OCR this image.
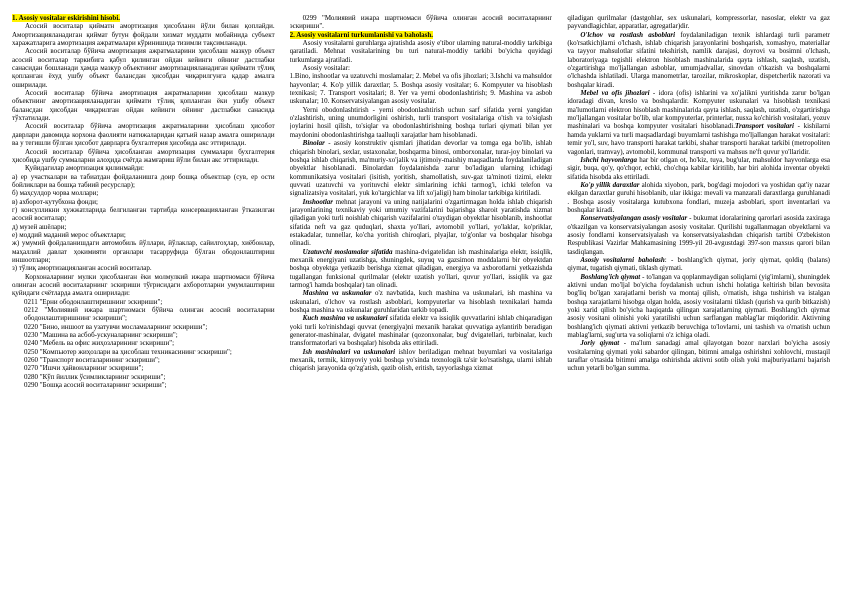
1. Asosiy vositalar eskirishini hisobi.

Асосий воситалар қийматн амортизация ҳисобланн йўли билан қоплайди. Амортизацияланадиган қиймат бутун фойдали хизмат муддати мобайнида субъект харажатларига амортизация ажратмалари кўринишида тизимли тақсимланади.

Асосий воситалар бўйича амортизация ажратмаларини ҳисоблаш мазкур объект асосий воситалар таркибига қабул қилинган ойдан кейинги ойнинг дастлабки санасидан бошланади ҳамда мазкур объектнинг амортизацияланадиган қиймати тўлиқ қопланган ёхуд ушбу объект балансдан ҳисобдан чиқарилгунга қадар амалга оширилади.

Асосий воситалар бўйича амортизация ажратмаларини ҳисоблаш мазкур объектнинг амортизацияланадиган қиймати тўлиқ қопланган ёки ушбу объект балансдан ҳисобдан чиқарилган ойдан кейинги ойнинг дастлабки санасида тўхтатилади.

Асосий воситалар бўйича амортизация ажратмаларини ҳисоблаш ҳисобот даврлари давомида корхона фаолияти натижаларидан қатъий назар амалга оширилади ва у тегишли бўлган ҳисобот даврларга бухгалтерия ҳисобида акс эттирилади.

Асосий воситалар бўйича ҳисобланган амортизация суммалари бухгалтерия ҳисобида ушбу суммаларни алоҳида счётда жамғариш йўли билан акс эттирилади.

Қуйидагилар амортизация қилинмайди:

а) ер участкалари ва табиатдан фойдаланишга доир бошқа объектлар (сув, ер ости бойликлари ва бошқа табиий ресурслар);

б) маҳсулдор чорва моллари;

в) ахборот-кутубхона фонди;

г) консулликни хужжатларида белгиланган тартибда консервацияланган ўтказилган асосий воситалар;

д) музей ашёлари;

е) мoддий маданий мерос объектлари;

ж) умумий фойдаланишдаги автомобиль йўллари, йўлаклар, сайилгоҳлар, хиёбонлар, маҳаллий давлат ҳокимияти органлари тасарруфида бўлган ободонлаштириш иншоотлари;

з) тўлиқ амортизацияланган асосий воситалар.

Корхоналарнинг мулки ҳисобланган ёки молмулкий ижара шартномаси бўйича олинган асосий воситаларнинг эскириши тўғрисидаги ахборотларни умумлаштириш қуйидаги счётларда амалга оширилади:

0211 "Ерни ободонлаштиришнинг эскириши";

0212 "Молиявий ижара шартномаси бўйича олинган асосий воситаларни ободонлаштиришнинг эскириши";

0220 "Бино, иншоот ва узатувчи мосламаларнинг эскириши";

0230 "Машина ва асбоб-ускуналарнинг эскириши";

0240 "Мебель ва офис жиҳозларининг эскириши";

0250 "Компьютер жиҳозлари ва ҳисоблаш техникасининг эскириши";

0260 "Транспорт воситаларининг эскириши";

0270 "Ишчи ҳайвонларнинг эскириши";

0280 "Кўп йиллик ўсимликларнинг эскириши";

0290 "Бошқа асосий воситаларнинг эскириши";

0299 "Молиявий ижара шартномаси бўйича олинган асосий воситаларнинг эскириши".

2. Asosiy vositalarni turkumlanishi va baholash.

Asosiy vositalarni guruhlarga ajratishda asosiy e'tibor ularning natural-moddiy tarkibiga qaratiladi. Mehnat vositalarining bu turi natural-moddiy tarkibi bo'yicha quyidagi turkumlarga ajratiladi.

Asosiy vositalar:

1.Bino, inshootlar va uzatuvchi moslamalar; 2. Mebel va ofis jihozlari; 3.Ishchi va mahsuldor hayvonlar; 4. Ko'p yillik daraxtlar; 5. Boshqa asosiy vositalar; 6. Kompyuter va hisoblash texnikasi; 7. Transport vositalari; 8. Yer va yerni obodonlashtirish; 9. Mashina va asbob uskunalar; 10. Konservatsiyalangan asosiy vositalar.

Yerni obodonlashtirish - yerni obodonlashtirish uchun sarf sifatida yerni yangidan o'zlashtirish, uning unumdorligini oshirish, turli transport vositalariga o'tish va to'siqlash joylarini hosil qilish, to'siqlar va obodonlashtirishning boshqa turlari qiymati bilan yer maydonini obodonlashtirishga taalluqli xarajatlar ham hisoblanadi.

Binolar - asosiy konstruktiv qismlari jihatidan devorlar va tomga ega bo'lib, ishlab chiqarish binolari, sexlar, ustaxonalar, boshqarma binosi, omborxonalar, turar-joy binolari va boshqa ishlab chiqarish, ma'muriy-xo'jalik va ijtimoiy-maishiy maqsadlarda foydalaniladigan obyektlar hisoblanadi. Binolardan foydalanishda zarur bo'ladigan ularning ichidagi kommunikatsiya vositalari (isitish, yoritish, shamollatish, suv-gaz ta'minoti tizimi, elektr quvvati uzatuvchi va yorituvchi elektr simlarining ichki tarmog'i, ichki telefon va signalizatsiya vositalari, yuk ko'targichlar va lift xo'jaligi) ham binolar tarkibiga kiritiladi.

Inshootlar mehnat jarayoni va uning natijalarini o'zgartirmagan holda ishlab chiqarish jarayonlarining texnikaviy yoki umumiy vazifalarini bajarishga sharoit yaratishda xizmat qiladigan yoki turli noishlab chiqarish vazifalarini o'taydigan obyektlar hisoblanib, inshootlar sifatida neft va gaz quduqlari, shaxta yo'llari, avtomobil yo'llari, yo'laklar, ko'priklar, estakadalar, tunnellar, ko'cha yoritish chiroqlari, plyajlar, to'g'onlar va boshqalar hisobga olinadi.

Uzatuvchi moslamalar sifatida mashina-dvigatelidan ish mashinalariga elektr, issiqlik, mexanik energiyani uzatishga, shuningdek, suyuq va gazsimon moddalarni bir obyektdan boshqa obyektga yetkazib berishga xizmat qiladigan, energiya va axborotlarni yetkazishda tugallangan funksional qurilmalar (elektr uzatish yo'llari, quvur yo'llari, issiqlik va gaz tarmog'i hamda boshqalar) tan olinadi.

Mashina va uskunalar o'z navbatida, kuch mashina va uskunalari, ish mashina va uskunalari, o'lchov va rostlash asboblari, kompyuterlar va hisoblash texnikalari hamda boshqa mashina va uskunalar guruhlaridan tarkib topadi.

Kuch mashina va uskunalari sifatida elektr va issiqlik quvvatlarini ishlab chiqaradigan yoki turli ko'rinishdagi quvvat (energiya)ni mexanik harakat quvvatiga aylantirib beradigan generator-mashinalar, dvigatel mashinalar (qozonxonalar, bug' dvigatellari, turbinalar, kuch transformatorlari va boshqalar) hisobda aks ettiriladi.

Ish mashinalari va uskunalari ishlov beriladigan mehnat buyumlari va vositalariga mexanik, termik, kimyoviy yoki boshqa yo'sinda texnologik ta'sir ko'rsatishga, ularni ishlab chiqarish jarayonida qo'zg'atish, qazib olish, eritish, tayyorlashga xizmat

qiladigan qurilmalar (dastgohlar, sex uskunalari, kompressorlar, nasoslar, elektr va gaz payvandlagichlar, apparatlar, agregatlar)dir.

O'lchov va rostlash asboblari foydalaniladigan texnik ishlardagi turli parametr (ko'rsatkich)larni o'lchash, ishlab chiqarish jarayonlarini boshqarish, xomashyo, materiallar va tayyor mahsulotlar sifatini tekshirish, namlik darajasi, doyrovi va bosimni o'lchash, laboratoriyaga tegishli elektron hisoblash mashinalarida qayta ishlash, saqlash, uzatish, o'zgartirishga mo'ljallangan asboblar, umumjadvallar, sinovdan o'tkazish va boshqalarni o'lchashda ishlatiladi. Ularga manometrlar, tarozilar, mikroskoplar, dispetcherlik nazorati va boshqalar kiradi.

Mebel va ofis jihozlari - idora (ofis) ishlarini va xo'jalikni yuritishda zarur bo'lgan idoradagi divan, kreslо va boshqalardir. Kompyuter uskunalari va hisoblash texnikasi ma'lumotlarni elektron hisoblash mashinalarida qayta ishlash, saqlash, uzatish, o'zgartirishga mo'ljallangan vositalar bo'lib, ular kompyuterlar, printerlar, nusxa ko'chirish vositalari, yozuv mashinalari va boshqa kompyuter vositalari hisoblanadi.Transport vositalari - kishilarni hamda yuklarni va turli maqsadlardagi buyumlarni tashishga mo'ljallangan harakat vositalari: temir yo'l, suv, havo transporti harakat tarkibi, shahar transporti harakat tarkibi (metropoliten vagonlari, tramvay), avtomobil, kommunal transporti va mahsus ne'ft quvur yo'llaridir.

Ishchi hayvonlarga har bir otlgan ot, ho'kiz, tuya, bug'ular, mahsuldor hayvonlarga esa sigir, buqa, qo'y, qo'chqor, echki, cho'chqa kabilar kiritilib, har biri alohida inventar obyekti sifatida hisobda aks ettiriladi.

Ko'p yillik daraxtlar alohida xiyobon, park, bog'dagi mojodori va yoshidan qat'iy nazar ekilgan daraxtlar guruhi hisoblanib, ular ikkiga: mevali va manzarali daraxtlarga guruhlanadi . Boshqa asosiy vositalarga kutubxona fondlari, muzeja asboblari, sport inventarlari va boshqalar kiradi.

Konservatsiyalangan asosiy vositalar - bukumat idoralarining qarorlari asosida zaxiraga o'tkazilgan va konservatsiyalangan asosiy vositalar. Qurilishi tugallanmagan obyektlarni va asosiy fondlarni konservatsiyalash va konservatsiyalashdan chiqarish tartibi O'zbekiston Respublikasi Vazirlar Mahkamasining 1999-yil 20-avgustdagi 397-son maxsus qarori bilan tasdiqlangan.

Asosiy vositalarni baholash: - boshlang'ich qiymat, joriy qiymat, qoldiq (balans) qiymat, tugatish qiymati, tiklash qiymati.

Boshlang'ich qiymat - to'langan va qoplanmaydigan soliqlarni (yig'imlarni), shuningdek aktivni undan mo'ljal bo'yicha foydalanish uchun ishchi holatiga keltirish bilan bevosita bog'liq bo'lgan xarajatlarni berish va montaj qilish, o'rnatish, ishga tushirish va istalgan boshqa xarajatlarni hisobga olgan holda, asosiy vositalarni tiklash (qurish va qurib bitkazish) yoki xarid qilish bo'yicha haqiqatda qilingan xarajatlarning qiymati. Boshlang'ich qiymat asosiy vositani olinishi yoki yaratilishi uchun sarflangan mablag'lar miqdoridir. Aktivning boshlang'ich qiymati aktivni yetkazib beruvchiga to'lovlarni, uni tashish va o'rnatish uchun mablag'larni, sug'urta va soliqlarni o'z ichiga oladi.

Joriy qiymat - ma'lum sanadagi amal qilayotgan bozor narxlari bo'yicha asosiy vositalarning qiymati yoki sabardor qilingan, bitimni amalga oshirishni xohlovchi, mustaqil taraflar o'rtasida bitimni amalga oshirishda aktivni sotib olish yoki majburiyatlarni bajarish uchun yetarli bo'lgan summa.
